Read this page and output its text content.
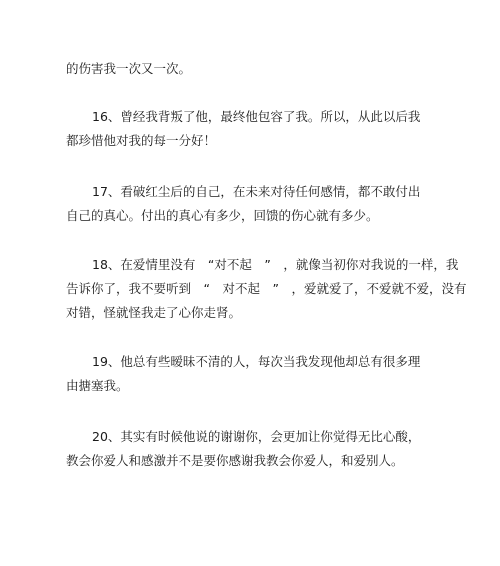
的伤害我一次又一次。
16、曾经我背叛了他，最终他包容了我。所以，从此以后我
都珍惜他对我的每一分好！
17、看破红尘后的自己，在未来对待任何感情，都不敢付出
自己的真心。付出的真心有多少，回馈的伤心就有多少。
18、在爱情里没有　“对不起　”　，就像当初你对我说的一样，我
告诉你了，我不要听到　“　对不起　”　，爱就爱了，不爱就不爱，没有
对错，怪就怪我走了心你走肾。
19、他总有些暧昧不清的人，每次当我发现他却总有很多理
由搪塞我。
20、其实有时候他说的谢谢你，会更加让你觉得无比心酸，
教会你爱人和感激并不是要你感谢我教会你爱人，和爱别人。
